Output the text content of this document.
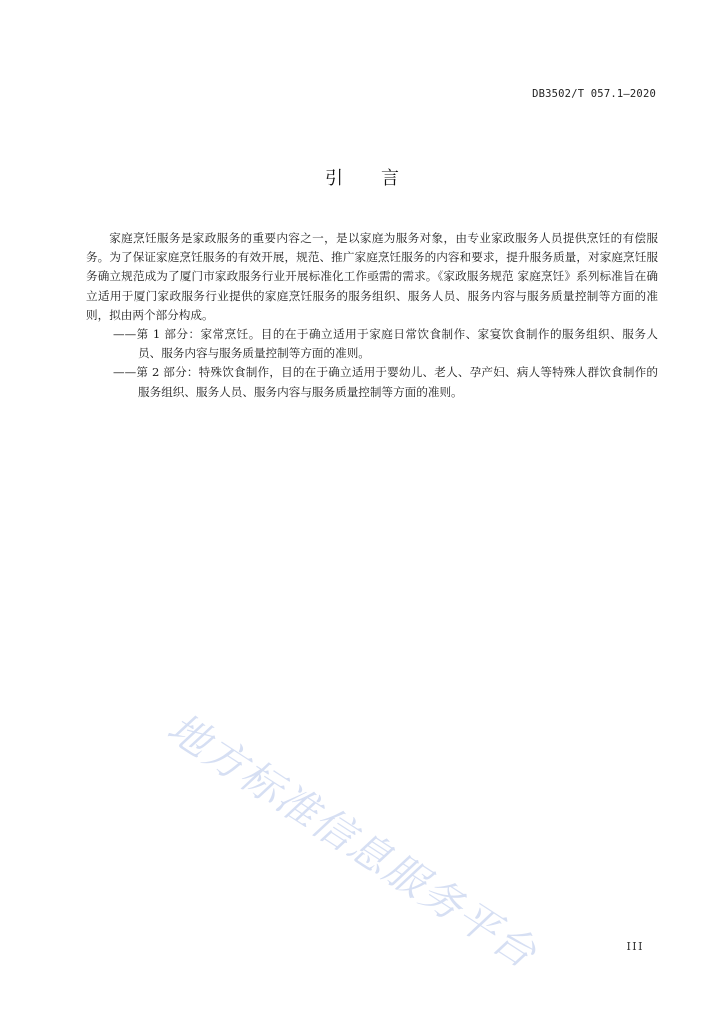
DB3502/T 057.1—2020
引言

家庭烹饪服务是家政服务的重要内容之一，是以家庭为服务对象，由专业家政服务人员提供烹饪的有偿服务。为了保证家庭烹饪服务的有效开展，规范、推广家庭烹饪服务的内容和要求，提升服务质量，对家庭烹饪服务确立规范成为了厦门市家政服务行业开展标准化工作亟需的需求。《家政服务规范 家庭烹饪》系列标准旨在确立适用于厦门家政服务行业提供的家庭烹饪服务的服务组织、服务人员、服务内容与服务质量控制等方面的准则，拟由两个部分构成。

——第 1 部分：家常烹饪。目的在于确立适用于家庭日常饮食制作、家宴饮食制作的服务组织、服务人员、服务内容与服务质量控制等方面的准则。

——第 2 部分：特殊饮食制作，目的在于确立适用于婴幼儿、老人、孕产妇、病人等特殊人群饮食制作的服务组织、服务人员、服务内容与服务质量控制等方面的准则。

地方标准信息服务平台	III
